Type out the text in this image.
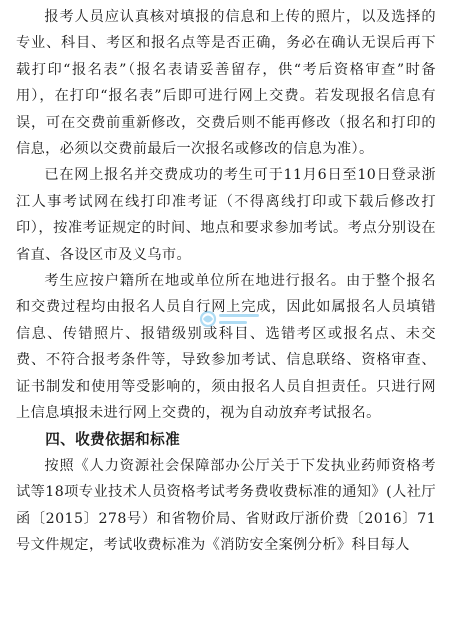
报考人员应认真核对填报的信息和上传的照片，以及选择的专业、科目、考区和报名点等是否正确，务必在确认无误后再下载打印“报名表”（报名表请妥善留存，供“考后资格审查”时备用），在打印“报名表”后即可进行网上交费。若发现报名信息有误，可在交费前重新修改，交费后则不能再修改（报名和打印的信息，必须以交费前最后一次报名或修改的信息为准）。

已在网上报名并交费成功的考生可于11月6日至10日登录浙江人事考试网在线打印准考证（不得离线打印或下载后修改打印），按准考证规定的时间、地点和要求参加考试。考点分别设在省直、各设区市及义乌市。

考生应按户籍所在地或单位所在地进行报名。由于整个报名和交费过程均由报名人员自行网上完成，因此如属报名人员填错信息、传错照片、报错级别或科目、选错考区或报名点、未交费、不符合报考条件等，导致参加考试、信息联络、资格审查、证书制发和使用等受影响的，须由报名人员自担责任。只进行网上信息填报未进行网上交费的，视为自动放弃考试报名。

四、收费依据和标准

按照《人力资源社会保障部办公厅关于下发执业药师资格考试等18项专业技术人员资格考试考务费收费标准的通知》(人社厅函〔2015〕278号）和省物价局、省财政厅浙价费〔2016〕71号文件规定，考试收费标准为《消防安全案例分析》科目每人
